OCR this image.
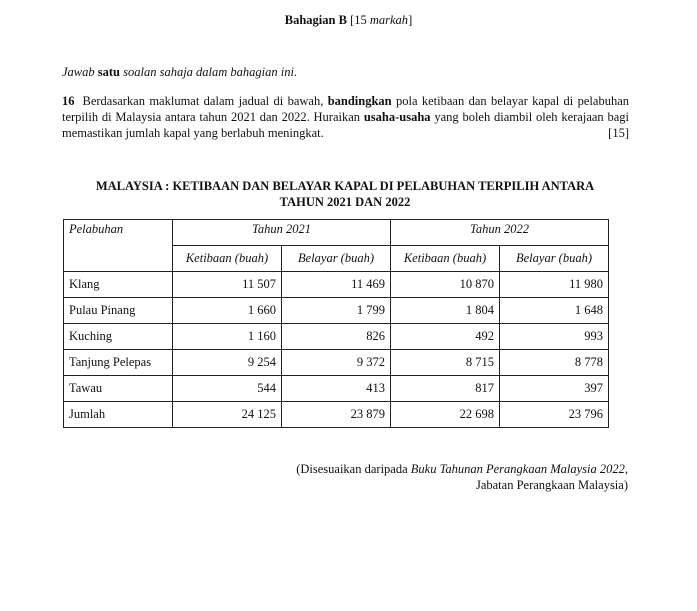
Bahagian B [15 markah]
Jawab satu soalan sahaja dalam bahagian ini.
16 Berdasarkan maklumat dalam jadual di bawah, bandingkan pola ketibaan dan belayar kapal di pelabuhan terpilih di Malaysia antara tahun 2021 dan 2022. Huraikan usaha-usaha yang boleh diambil oleh kerajaan bagi memastikan jumlah kapal yang berlabuh meningkat.	[15]
MALAYSIA : KETIBAAN DAN BELAYAR KAPAL DI PELABUHAN TERPILIH ANTARA
TAHUN 2021 DAN 2022
Pelabuhan	Tahun 2021		Tahun 2022	
	Ketibaan (buah)	Belayar (buah)	Ketibaan (buah)	Belayar (buah)
Klang	11 507	11 469	10 870	11 980
Pulau Pinang	1 660	1 799	1 804	1 648
Kuching	1 160	826	492	993
Tanjung Pelepas	9 254	9 372	8 715	8 778
Tawau	544	413	817	397
Jumlah	24 125	23 879	22 698	23 796
(Disesuaikan daripada Buku Tahunan Perangkaan Malaysia 2022,
Jabatan Perangkaan Malaysia)
